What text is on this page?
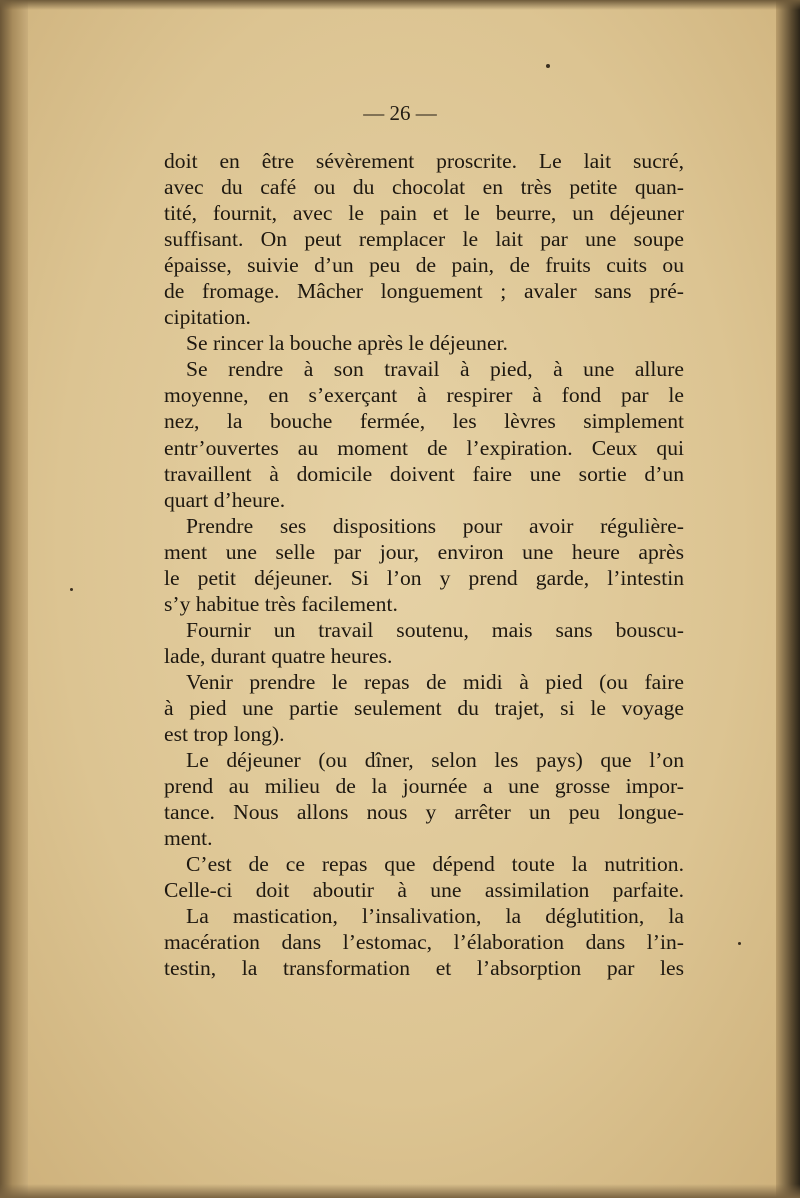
— 26 —
doit en être sévèrement proscrite. Le lait sucré,
avec du café ou du chocolat en très petite quan-
tité, fournit, avec le pain et le beurre, un déjeuner
suffisant. On peut remplacer le lait par une soupe
épaisse, suivie d’un peu de pain, de fruits cuits ou
de fromage. Mâcher longuement ; avaler sans pré-
cipitation.
Se rincer la bouche après le déjeuner.
Se rendre à son travail à pied, à une allure
moyenne, en s’exerçant à respirer à fond par le
nez, la bouche fermée, les lèvres simplement
entr’ouvertes au moment de l’expiration. Ceux qui
travaillent à domicile doivent faire une sortie d’un
quart d’heure.
Prendre ses dispositions pour avoir régulière-
ment une selle par jour, environ une heure après
le petit déjeuner. Si l’on y prend garde, l’intestin
s’y habitue très facilement.
Fournir un travail soutenu, mais sans bouscu-
lade, durant quatre heures.
Venir prendre le repas de midi à pied (ou faire
à pied une partie seulement du trajet, si le voyage
est trop long).
Le déjeuner (ou dîner, selon les pays) que l’on
prend au milieu de la journée a une grosse impor-
tance. Nous allons nous y arrêter un peu longue-
ment.
C’est de ce repas que dépend toute la nutrition.
Celle-ci doit aboutir à une assimilation parfaite.
La mastication, l’insalivation, la déglutition, la
macération dans l’estomac, l’élaboration dans l’in-
testin, la transformation et l’absorption par les
